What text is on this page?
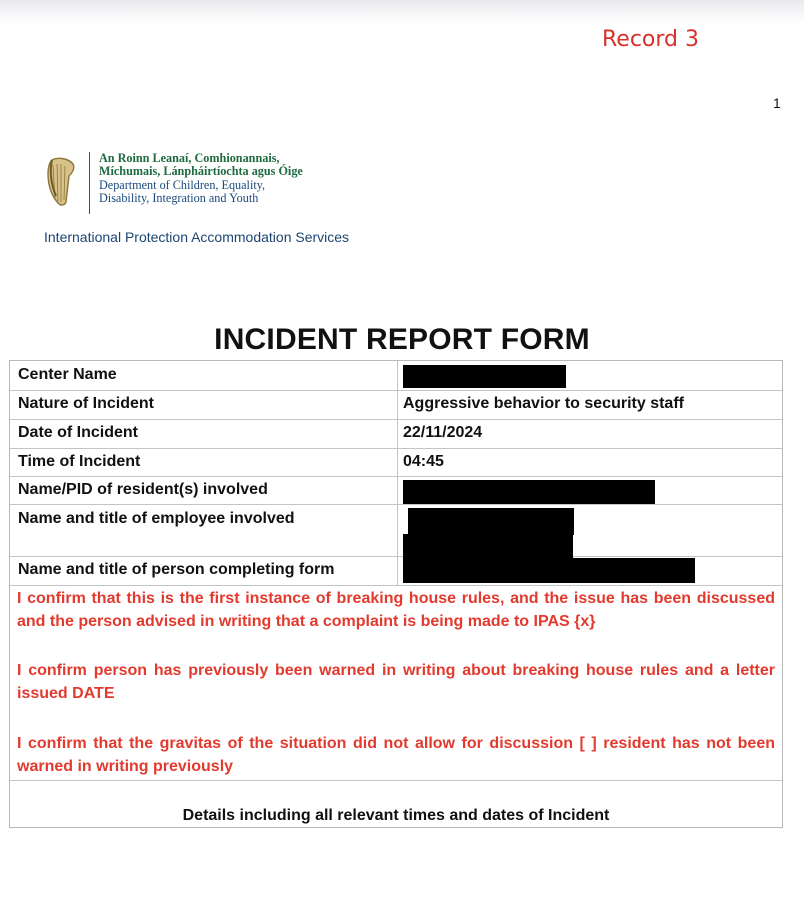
Record 3
1
An Roinn Leanaí, Comhionannais,
Míchumais, Lánpháirtíochta agus Óige
Department of Children, Equality,
Disability, Integration and Youth
International Protection Accommodation Services
INCIDENT REPORT FORM
Center Name
Nature of Incident
Date of Incident
Time of Incident
Name/PID of resident(s) involved
Name and title of employee involved
Name and title of person completing form
Aggressive behavior to security staff
22/11/2024
04:45
I confirm that this is the first instance of breaking house rules, and the issue has been discussed and the person advised in writing that a complaint is being made to IPAS {x}
I confirm person has previously been warned in writing about breaking house rules and a letter issued DATE
I confirm that the gravitas of the situation did not allow for discussion [ ] resident has not been warned in writing previously
Details including all relevant times and dates of Incident
